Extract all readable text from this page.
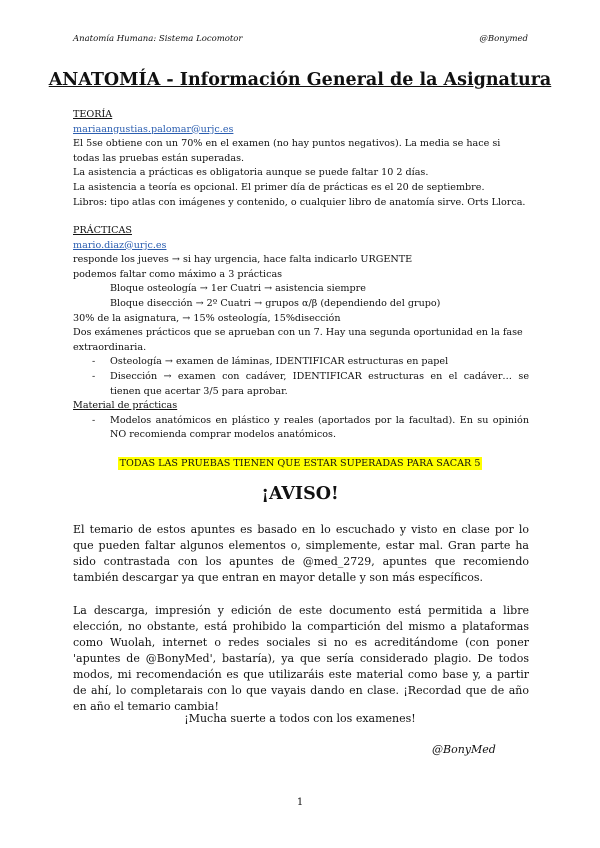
Anatomía Humana: Sistema Locomotor	@Bonymed
ANATOMÍA - Información General de la Asignatura
TEORÍA
mariaangustias.palomar@urjc.es
El 5se obtiene con un 70% en el examen (no hay puntos negativos). La media se hace si todas las pruebas están superadas.
La asistencia a prácticas es obligatoria aunque se puede faltar 10 2 días.
La asistencia a teoría es opcional. El primer día de prácticas es el 20 de septiembre.
Libros: tipo atlas con imágenes y contenido, o cualquier libro de anatomía sirve. Orts Llorca.
PRÁCTICAS
mario.diaz@urjc.es
responde los jueves → si hay urgencia, hace falta indicarlo URGENTE
podemos faltar como máximo a 3 prácticas
Bloque osteología → 1er Cuatri → asistencia siempre
Bloque disección → 2º Cuatri → grupos α/β (dependiendo del grupo)
30% de la asignatura, → 15% osteología, 15%disección
Dos exámenes prácticos que se aprueban con un 7. Hay una segunda oportunidad en la fase extraordinaria.
- Osteología → examen de láminas, IDENTIFICAR estructuras en papel
- Disección → examen con cadáver, IDENTIFICAR estructuras en el cadáver… se tienen que acertar 3/5 para aprobar.
Material de prácticas
- Modelos anatómicos en plástico y reales (aportados por la facultad). En su opinión NO recomienda comprar modelos anatómicos.
TODAS LAS PRUEBAS TIENEN QUE ESTAR SUPERADAS PARA SACAR 5
¡AVISO!
El temario de estos apuntes es basado en lo escuchado y visto en clase por lo que pueden faltar algunos elementos o, simplemente, estar mal. Gran parte ha sido contrastada con los apuntes de @med_2729, apuntes que recomiendo también descargar ya que entran en mayor detalle y son más específicos.
La descarga, impresión y edición de este documento está permitida a libre elección, no obstante, está prohibido la compartición del mismo a plataformas como Wuolah, internet o redes sociales si no es acreditándome (con poner 'apuntes de @BonyMed', bastaría), ya que sería considerado plagio. De todos modos, mi recomendación es que utilizaráis este material como base y, a partir de ahí, lo completarais con lo que vayais dando en clase. ¡Recordad que de año en año el temario cambia!
¡Mucha suerte a todos con los examenes!
@BonyMed
1
